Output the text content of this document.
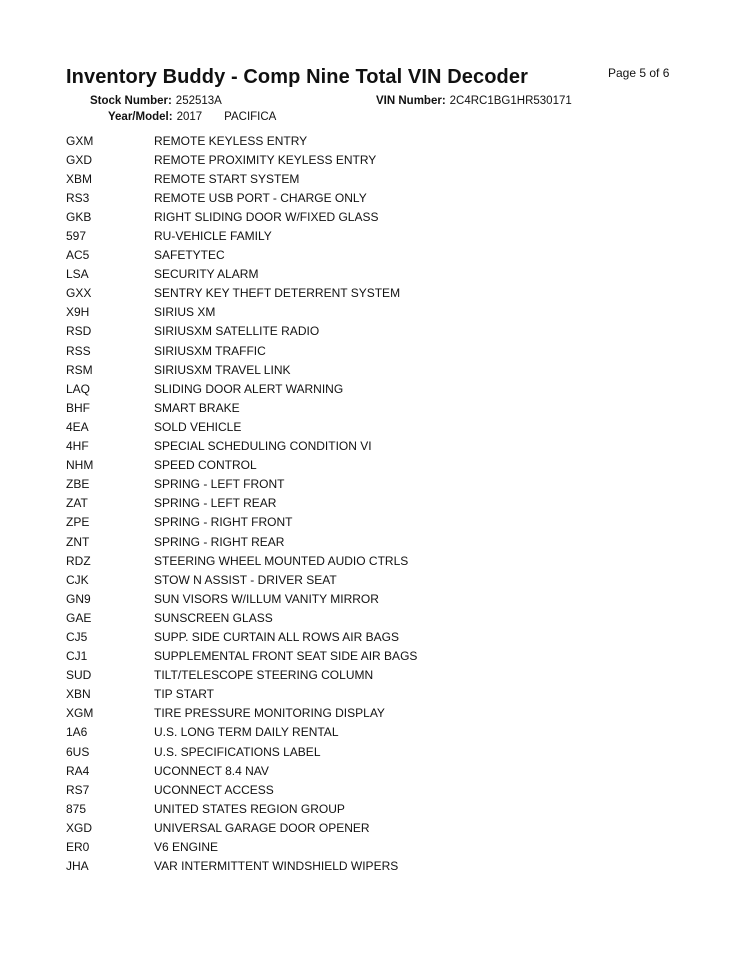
Inventory Buddy - Comp Nine Total VIN Decoder	Page 5 of 6
Stock Number: 252513A	VIN Number: 2C4RC1BG1HR530171
Year/Model: 2017 PACIFICA
GXM	REMOTE KEYLESS ENTRY
GXD	REMOTE PROXIMITY KEYLESS ENTRY
XBM	REMOTE START SYSTEM
RS3	REMOTE USB PORT - CHARGE ONLY
GKB	RIGHT SLIDING DOOR W/FIXED GLASS
597	RU-VEHICLE FAMILY
AC5	SAFETYTEC
LSA	SECURITY ALARM
GXX	SENTRY KEY THEFT DETERRENT SYSTEM
X9H	SIRIUS XM
RSD	SIRIUSXM SATELLITE RADIO
RSS	SIRIUSXM TRAFFIC
RSM	SIRIUSXM TRAVEL LINK
LAQ	SLIDING DOOR ALERT WARNING
BHF	SMART BRAKE
4EA	SOLD VEHICLE
4HF	SPECIAL SCHEDULING CONDITION VI
NHM	SPEED CONTROL
ZBE	SPRING - LEFT FRONT
ZAT	SPRING - LEFT REAR
ZPE	SPRING - RIGHT FRONT
ZNT	SPRING - RIGHT REAR
RDZ	STEERING WHEEL MOUNTED AUDIO CTRLS
CJK	STOW N ASSIST - DRIVER SEAT
GN9	SUN VISORS W/ILLUM VANITY MIRROR
GAE	SUNSCREEN GLASS
CJ5	SUPP. SIDE CURTAIN ALL ROWS AIR BAGS
CJ1	SUPPLEMENTAL FRONT SEAT SIDE AIR BAGS
SUD	TILT/TELESCOPE STEERING COLUMN
XBN	TIP START
XGM	TIRE PRESSURE MONITORING DISPLAY
1A6	U.S. LONG TERM DAILY RENTAL
6US	U.S. SPECIFICATIONS LABEL
RA4	UCONNECT 8.4 NAV
RS7	UCONNECT ACCESS
875	UNITED STATES REGION GROUP
XGD	UNIVERSAL GARAGE DOOR OPENER
ER0	V6 ENGINE
JHA	VAR INTERMITTENT WINDSHIELD WIPERS
